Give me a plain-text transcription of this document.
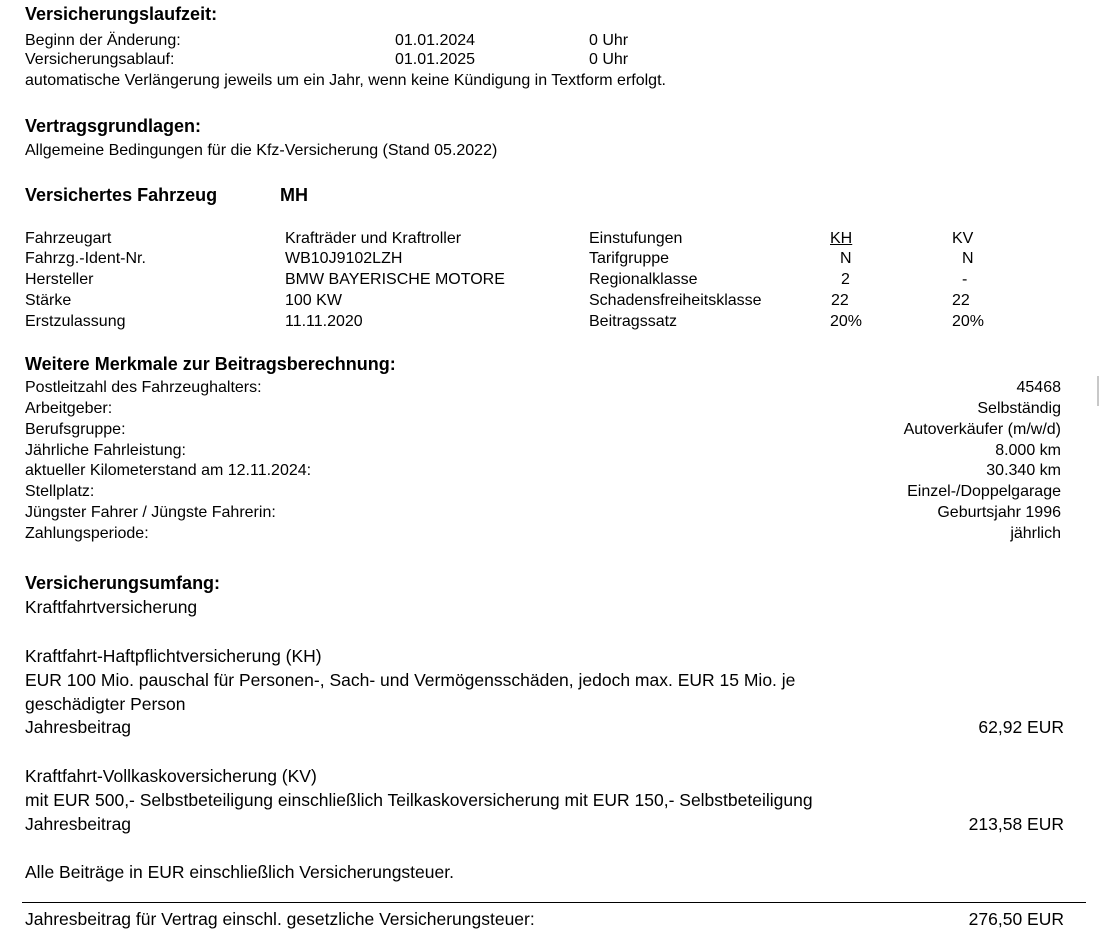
Versicherungslaufzeit:
Beginn der Änderung:	01.01.2024	0 Uhr
Versicherungsablauf:	01.01.2025	0 Uhr
automatische Verlängerung jeweils um ein Jahr, wenn keine Kündigung in Textform erfolgt.
Vertragsgrundlagen:
Allgemeine Bedingungen für die Kfz-Versicherung (Stand 05.2022)
Versichertes Fahrzeug	MH
Fahrzeugart	Krafträder und Kraftroller	Einstufungen	KH	KV
Fahrzg.-Ident-Nr.	WB10J9102LZH	Tarifgruppe	N	N
Hersteller	BMW BAYERISCHE MOTORE	Regionalklasse	2	-
Stärke	100 KW	Schadensfreiheitsklasse	22	22
Erstzulassung	11.11.2020	Beitragssatz	20%	20%
Weitere Merkmale zur Beitragsberechnung:
Postleitzahl des Fahrzeughalters:	45468
Arbeitgeber:	Selbständig
Berufsgruppe:	Autoverkäufer (m/w/d)
Jährliche Fahrleistung:	8.000 km
aktueller Kilometerstand am 12.11.2024:	30.340 km
Stellplatz:	Einzel-/Doppelgarage
Jüngster Fahrer / Jüngste Fahrerin:	Geburtsjahr 1996
Zahlungsperiode:	jährlich
Versicherungsumfang:
Kraftfahrtversicherung
Kraftfahrt-Haftpflichtversicherung (KH)
EUR 100 Mio. pauschal für Personen-, Sach- und Vermögensschäden, jedoch max. EUR 15 Mio. je
geschädigter Person
Jahresbeitrag	62,92 EUR
Kraftfahrt-Vollkaskoversicherung (KV)
mit EUR 500,- Selbstbeteiligung einschließlich Teilkaskoversicherung mit EUR 150,- Selbstbeteiligung
Jahresbeitrag	213,58 EUR
Alle Beiträge in EUR einschließlich Versicherungsteuer.
Jahresbeitrag für Vertrag einschl. gesetzliche Versicherungsteuer:	276,50 EUR
